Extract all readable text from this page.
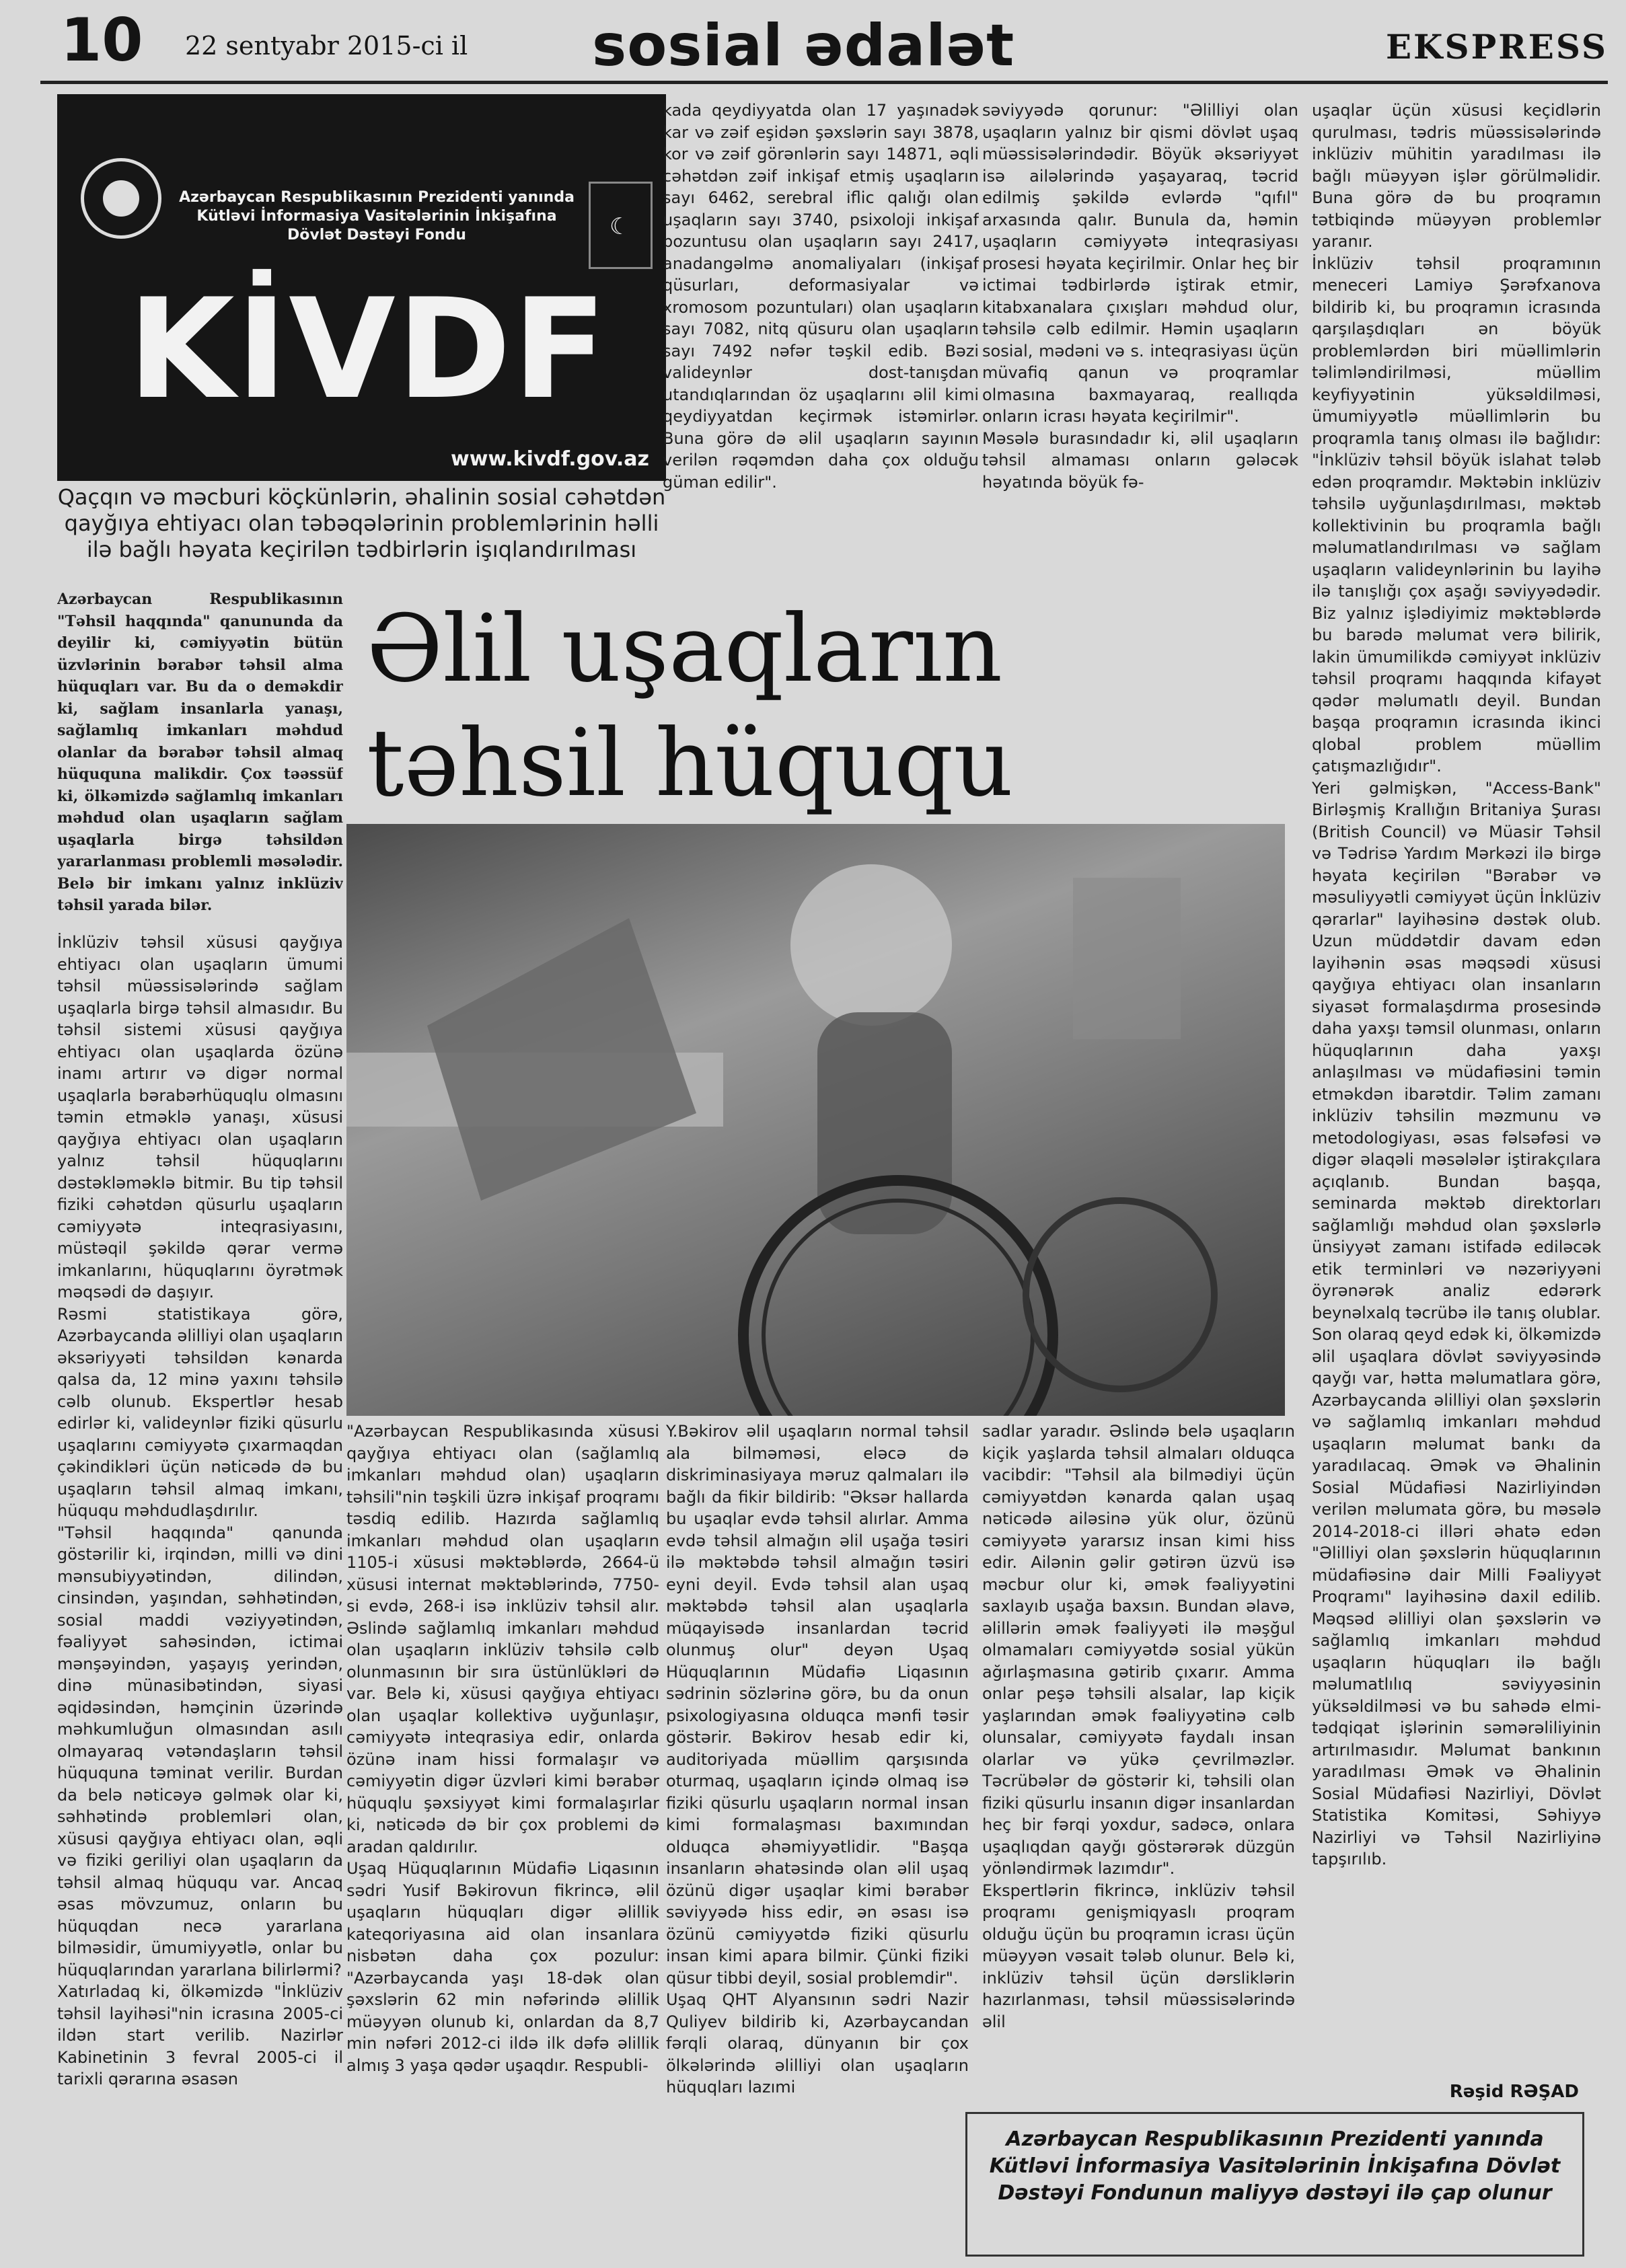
10 22 sentyabr 2015-ci il sosial ədalət	EKSPRESS
Azərbaycan Respublikasının Prezidenti yanında
Kütləvi İnformasiya Vasitələrinin İnkişafına
Dövlət Dəstəyi Fondu	☾
KİVDF
www.kivdf.gov.az
Qaçqın və məcburi köçkünlərin, əhalinin sosial cəhətdən qayğıya ehtiyacı olan təbəqələrinin problemlərinin həlli ilə bağlı həyata keçirilən tədbirlərin işıqlandırılması
Azərbaycan Respublikasının "Təhsil haqqında" qanununda da deyilir ki, cəmiyyətin bütün üzvlərinin bərabər təhsil alma hüquqları var. Bu da o deməkdir ki, sağlam insanlarla yanaşı, sağlamlıq imkanları məhdud olanlar da bərabər təhsil almaq hüququna malikdir. Çox təəssüf ki, ölkəmizdə sağlamlıq imkanları məhdud olan uşaqların sağlam uşaqlarla birgə təhsildən yararlanması problemli məsələdir. Belə bir imkanı yalnız inklüziv təhsil yarada bilər.
İnklüziv təhsil xüsusi qayğıya ehtiyacı olan uşaqların ümumi təhsil müəssisələrində sağlam uşaqlarla birgə təhsil almasıdır. Bu təhsil sistemi xüsusi qayğıya ehtiyacı olan uşaqlarda özünə inamı artırır və digər normal uşaqlarla bərabərhüquqlu olmasını təmin etməklə yanaşı, xüsusi qayğıya ehtiyacı olan uşaqların yalnız təhsil hüquqlarını dəstəkləməklə bitmir. Bu tip təhsil fiziki cəhətdən qüsurlu uşaqların cəmiyyətə inteqrasiyasını, müstəqil şəkildə qərar vermə imkanlarını, hüquqlarını öyrətmək məqsədi də daşıyır.
Rəsmi statistikaya görə, Azərbaycanda əlilliyi olan uşaqların əksəriyyəti təhsildən kənarda qalsa da, 12 minə yaxını təhsilə cəlb olunub. Ekspertlər hesab edirlər ki, valideynlər fiziki qüsurlu uşaqlarını cəmiyyətə çıxarmaqdan çəkindikləri üçün nəticədə də bu uşaqların təhsil almaq imkanı, hüququ məhdudlaşdırılır.
"Təhsil haqqında" qanunda göstərilir ki, irqindən, milli və dini mənsubiyyətindən, dilindən, cinsindən, yaşından, səhhətindən, sosial maddi vəziyyətindən, fəaliyyət sahəsindən, ictimai mənşəyindən, yaşayış yerindən, dinə münasibətindən, siyasi əqidəsindən, həmçinin üzərində məhkumluğun olmasından asılı olmayaraq vətəndaşların təhsil hüququna təminat verilir. Burdan da belə nəticəyə gəlmək olar ki, səhhətində problemləri olan, xüsusi qayğıya ehtiyacı olan, əqli və fiziki geriliyi olan uşaqların da təhsil almaq hüququ var. Ancaq əsas mövzumuz, onların bu hüquqdan necə yararlana bilməsidir, ümumiyyətlə, onlar bu hüquqlarından yararlana bilirlərmi?
Xatırladaq ki, ölkəmizdə "İnklüziv təhsil layihəsi"nin icrasına 2005-ci ildən start verilib. Nazirlər Kabinetinin 3 fevral 2005-ci il tarixli qərarına əsasən
kada qeydiyyatda olan 17 yaşınadək kar və zəif eşidən şəxslərin sayı 3878, kor və zəif görənlərin sayı 14871, əqli cəhətdən zəif inkişaf etmiş uşaqların sayı 6462, serebral iflic qalığı olan uşaqların sayı 3740, psixoloji inkişaf pozuntusu olan uşaqların sayı 2417, anadangəlmə anomaliyaları (inkişaf qüsurları, deformasiyalar və xromosom pozuntuları) olan uşaqların sayı 7082, nitq qüsuru olan uşaqların sayı 7492 nəfər təşkil edib. Bəzi valideynlər dost-tanışdan utandıqlarından öz uşaqlarını əlil kimi qeydiyyatdan keçirmək istəmirlər. Buna görə də əlil uşaqların sayının verilən rəqəmdən daha çox olduğu güman edilir".
səviyyədə qorunur: "Əlilliyi olan uşaqların yalnız bir qismi dövlət uşaq müəssisələrindədir. Böyük əksəriyyət isə ailələrində yaşayaraq, təcrid edilmiş şəkildə evlərdə "qıfıl" arxasında qalır. Bunula da, həmin uşaqların cəmiyyətə inteqrasiyası prosesi həyata keçirilmir. Onlar heç bir ictimai tədbirlərdə iştirak etmir, kitabxanalara çıxışları məhdud olur, təhsilə cəlb edilmir. Həmin uşaqların sosial, mədəni və s. inteqrasiyası üçün müvafiq qanun və proqramlar olmasına baxmayaraq, reallıqda onların icrası həyata keçirilmir".
Məsələ burasındadır ki, əlil uşaqların təhsil almaması onların gələcək həyatında böyük fə-
Əlil uşaqların təhsil hüququ
uşaqlar üçün xüsusi keçidlərin qurulması, tədris müəssisələrində inklüziv mühitin yaradılması ilə bağlı müəyyən işlər görülməlidir. Buna görə də bu proqramın tətbiqində müəyyən problemlər yaranır.
İnklüziv təhsil proqramının meneceri Lamiyə Şərəfxanova bildirib ki, bu proqramın icrasında qarşılaşdıqları ən böyük problemlərdən biri müəllimlərin təlimləndirilməsi, müəllim keyfiyyətinin yüksəldilməsi, ümumiyyətlə müəllimlərin bu proqramla tanış olması ilə bağlıdır: "İnklüziv təhsil böyük islahat tələb edən proqramdır. Məktəbin inklüziv təhsilə uyğunlaşdırılması, məktəb kollektivinin bu proqramla bağlı məlumatlandırılması və sağlam uşaqların valideynlərinin bu layihə ilə tanışlığı çox aşağı səviyyədədir. Biz yalnız işlədiyimiz məktəblərdə bu barədə məlumat verə bilirik, lakin ümumilikdə cəmiyyət inklüziv təhsil proqramı haqqında kifayət qədər məlumatlı deyil. Bundan başqa proqramın icrasında ikinci qlobal problem müəllim çatışmazlığıdır".
Yeri gəlmişkən, "Access-Bank" Birləşmiş Krallığın Britaniya Şurası (British Council) və Müasir Təhsil və Tədrisə Yardım Mərkəzi ilə birgə həyata keçirilən "Bərabər və məsuliyyətli cəmiyyət üçün İnklüziv qərarlar" layihəsinə dəstək olub. Uzun müddətdir davam edən layihənin əsas məqsədi xüsusi qayğıya ehtiyacı olan insanların siyasət formalaşdırma prosesində daha yaxşı təmsil olunması, onların hüquqlarının daha yaxşı anlaşılması və müdafiəsini təmin etməkdən ibarətdir. Təlim zamanı inklüziv təhsilin məzmunu və metodologiyası, əsas fəlsəfəsi və digər əlaqəli məsələlər iştirakçılara açıqlanıb. Bundan başqa, seminarda məktəb direktorları sağlamlığı məhdud olan şəxslərlə ünsiyyət zamanı istifadə ediləcək etik terminləri və nəzəriyyəni öyrənərək analiz edərərk beynəlxalq təcrübə ilə tanış olublar.
Son olaraq qeyd edək ki, ölkəmizdə əlil uşaqlara dövlət səviyyəsində qayğı var, hətta məlumatlara görə, Azərbaycanda əlilliyi olan şəxslərin və sağlamlıq imkanları məhdud uşaqların məlumat bankı da yaradılacaq. Əmək və Əhalinin Sosial Müdafiəsi Nazirliyindən verilən məlumata görə, bu məsələ 2014-2018-ci illəri əhatə edən "Əlilliyi olan şəxslərin hüquqlarının müdafiəsinə dair Milli Fəaliyyət Proqramı" layihəsinə daxil edilib. Məqsəd əlilliyi olan şəxslərin və sağlamlıq imkanları məhdud uşaqların hüquqları ilə bağlı məlumatlılıq səviyyəsinin yüksəldilməsi və bu sahədə elmi-tədqiqat işlərinin səmərəliliyinin artırılmasıdır. Məlumat bankının yaradılması Əmək və Əhalinin Sosial Müdafiəsi Nazirliyi, Dövlət Statistika Komitəsi, Səhiyyə Nazirliyi və Təhsil Nazirliyinə tapşırılıb.
"Azərbaycan Respublikasında xüsusi qayğıya ehtiyacı olan (sağlamlıq imkanları məhdud olan) uşaqların təhsili"nin təşkili üzrə inkişaf proqramı təsdiq edilib. Hazırda sağlamlıq imkanları məhdud olan uşaqların 1105-i xüsusi məktəblərdə, 2664-ü xüsusi internat məktəblərində, 7750-si evdə, 268-i isə inklüziv təhsil alır. Əslində sağlamlıq imkanları məhdud olan uşaqların inklüziv təhsilə cəlb olunmasının bir sıra üstünlükləri də var. Belə ki, xüsusi qayğıya ehtiyacı olan uşaqlar kollektivə uyğunlaşır, cəmiyyətə inteqrasiya edir, onlarda özünə inam hissi formalaşır və cəmiyyətin digər üzvləri kimi bərabər hüquqlu şəxsiyyət kimi formalaşırlar ki, nəticədə də bir çox problemi də aradan qaldırılır.
Uşaq Hüquqlarının Müdafiə Liqasının sədri Yusif Bəkirovun fikrincə, əlil uşaqların hüquqları digər əlillik kateqoriyasına aid olan insanlara nisbətən daha çox pozulur: "Azərbaycanda yaşı 18-dək olan şəxslərin 62 min nəfərində əlillik müəyyən olunub ki, onlardan da 8,7 min nəfəri 2012-ci ildə ilk dəfə əlillik almış 3 yaşa qədər uşaqdır. Respubli-
Y.Bəkirov əlil uşaqların normal təhsil ala bilməməsi, eləcə də diskriminasiyaya məruz qalmaları ilə bağlı da fikir bildirib: "Əksər hallarda bu uşaqlar evdə təhsil alırlar. Amma evdə təhsil almağın əlil uşağa təsiri ilə məktəbdə təhsil almağın təsiri eyni deyil. Evdə təhsil alan uşaq məktəbdə təhsil alan uşaqlarla müqayisədə insanlardan təcrid olunmuş olur" deyən Uşaq Hüquqlarının Müdafiə Liqasının sədrinin sözlərinə görə, bu da onun psixologiyasına olduqca mənfi təsir göstərir. Bəkirov hesab edir ki, auditoriyada müəllim qarşısında oturmaq, uşaqların içində olmaq isə fiziki qüsurlu uşaqların normal insan kimi formalaşması baxımından olduqca əhəmiyyətlidir. "Başqa insanların əhatəsində olan əlil uşaq özünü digər uşaqlar kimi bərabər səviyyədə hiss edir, ən əsası isə özünü cəmiyyətdə fiziki qüsurlu insan kimi apara bilmir. Çünki fiziki qüsur tibbi deyil, sosial problemdir".
Uşaq QHT Alyansının sədri Nazir Quliyev bildirib ki, Azərbaycandan fərqli olaraq, dünyanın bir çox ölkələrində əlilliyi olan uşaqların hüquqları lazımi
sadlar yaradır. Əslində belə uşaqların kiçik yaşlarda təhsil almaları olduqca vacibdir: "Təhsil ala bilmədiyi üçün cəmiyyətdən kənarda qalan uşaq nəticədə ailəsinə yük olur, özünü cəmiyyətə yararsız insan kimi hiss edir. Ailənin gəlir gətirən üzvü isə məcbur olur ki, əmək fəaliyyətini saxlayıb uşağa baxsın. Bundan əlavə, əlillərin əmək fəaliyyəti ilə məşğul olmamaları cəmiyyətdə sosial yükün ağırlaşmasına gətirib çıxarır. Amma onlar peşə təhsili alsalar, lap kiçik yaşlarından əmək fəaliyyətinə cəlb olunsalar, cəmiyyətə faydalı insan olarlar və yükə çevrilməzlər. Təcrübələr də göstərir ki, təhsili olan fiziki qüsurlu insanın digər insanlardan heç bir fərqi yoxdur, sadəcə, onlara uşaqlıqdan qayğı göstərərək düzgün yönləndirmək lazımdır".
Ekspertlərin fikrincə, inklüziv təhsil proqramı genişmiqyaslı proqram olduğu üçün bu proqramın icrası üçün müəyyən vəsait tələb olunur. Belə ki, inklüziv təhsil üçün dərsliklərin hazırlanması, təhsil müəssisələrində əlil
Rəşid RƏŞAD
Azərbaycan Respublikasının Prezidenti yanında Kütləvi İnformasiya Vasitələrinin İnkişafına Dövlət Dəstəyi Fondunun maliyyə dəstəyi ilə çap olunur
